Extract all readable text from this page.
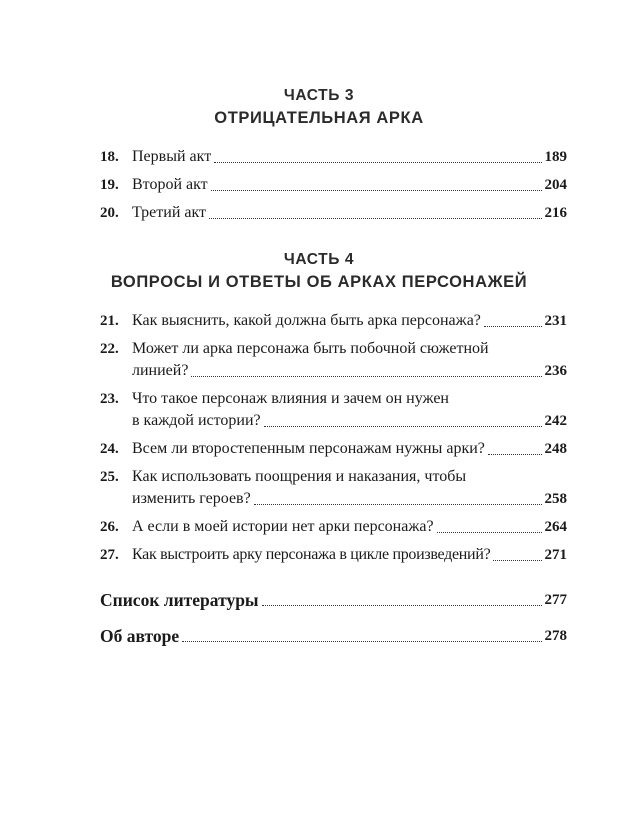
ЧАСТЬ 3
ОТРИЦАТЕЛЬНАЯ АРКА
18. Первый акт	189
19. Второй акт	204
20. Третий акт	216
ЧАСТЬ 4
ВОПРОСЫ И ОТВЕТЫ ОБ АРКАХ ПЕРСОНАЖЕЙ
21. Как выяснить, какой должна быть арка персонажа?	231
22. Может ли арка персонажа быть побочной сюжетной
линией?	236
23. Что такое персонаж влияния и зачем он нужен
в каждой истории?	242
24. Всем ли второстепенным персонажам нужны арки?	248
25. Как использовать поощрения и наказания, чтобы
изменить героев?	258
26. А если в моей истории нет арки персонажа?	264
27. Как выстроить арку персонажа в цикле произведений?	271
Список литературы	277
Об авторе	278
